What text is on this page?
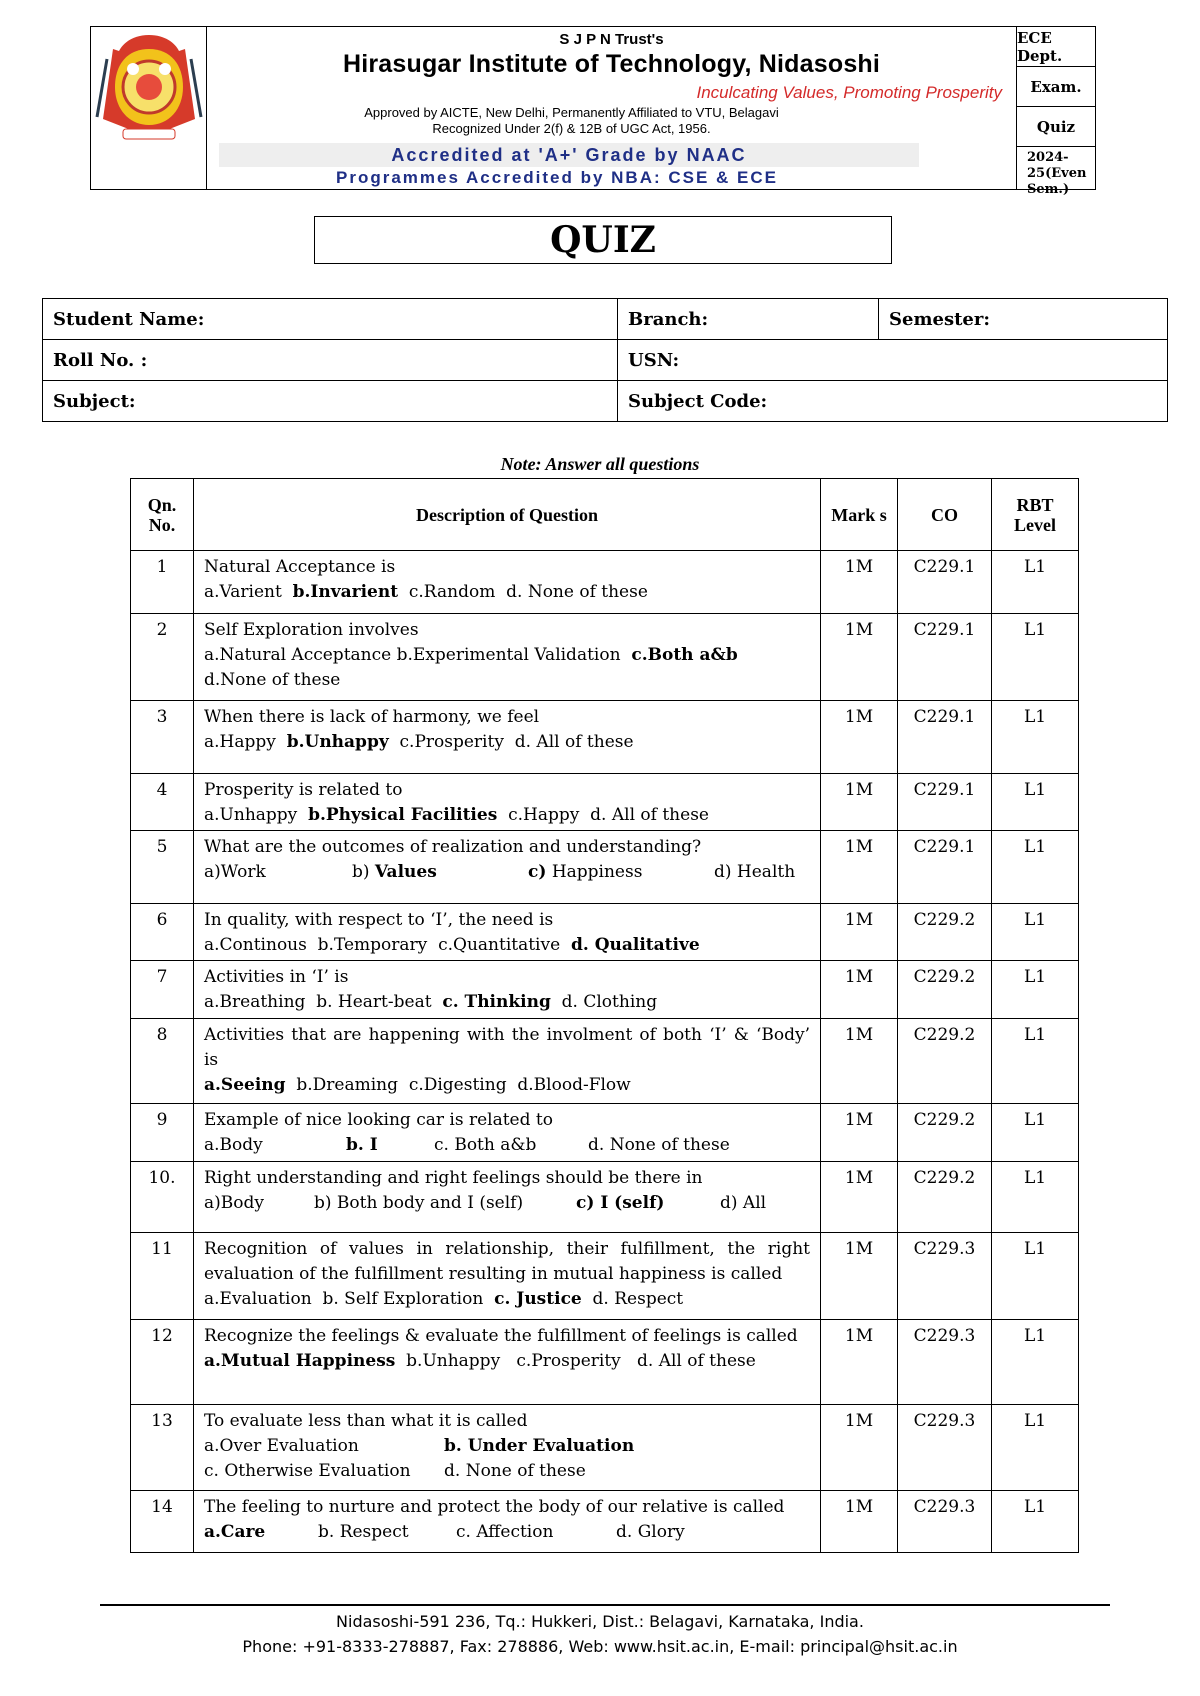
S J P N Trust's
Hirasugar Institute of Technology, Nidasoshi
Inculcating Values, Promoting Prosperity
Approved by AICTE, New Delhi, Permanently Affiliated to VTU, Belagavi
Recognized Under 2(f) & 12B of UGC Act, 1956.
Accredited at 'A+' Grade by NAAC
Programmes Accredited by NBA: CSE & ECE
ECE Dept.
Exam.
Quiz
2024-25(Even Sem.)
QUIZ
Student Name:	Branch:	Semester:
Roll No. :	USN:	
Subject:	Subject Code:	
Note: Answer all questions
Qn. No.	Description of Question	Mark s	CO	RBT Level
1	Natural Acceptance is
a.Varient b.Invarient c.Random d. None of these	1M	C229.1	L1
2	Self Exploration involves
a.Natural Acceptance b.Experimental Validation c.Both a&b
d.None of these	1M	C229.1	L1
3	When there is lack of harmony, we feel
a.Happy b.Unhappy c.Prosperity d. All of these	1M	C229.1	L1
4	Prosperity is related to
a.Unhappy b.Physical Facilities c.Happy d. All of these	1M	C229.1	L1
5	What are the outcomes of realization and understanding?
a)Work b) Values c) Happiness d) Health	1M	C229.1	L1
6	In quality, with respect to ‘I’, the need is
a.Continous b.Temporary c.Quantitative d. Qualitative	1M	C229.2	L1
7	Activities in ‘I’ is
a.Breathing b. Heart-beat c. Thinking d. Clothing	1M	C229.2	L1
8	Activities that are happening with the involment of both ‘I’ & ‘Body’ is
a.Seeing b.Dreaming c.Digesting d.Blood-Flow	1M	C229.2	L1
9	Example of nice looking car is related to
a.Body b. I c. Both a&b d. None of these	1M	C229.2	L1
10.	Right understanding and right feelings should be there in
a)Body b) Both body and I (self) c) I (self) d) All	1M	C229.2	L1
11	Recognition of values in relationship, their fulfillment, the right evaluation of the fulfillment resulting in mutual happiness is called
a.Evaluation b. Self Exploration c. Justice d. Respect	1M	C229.3	L1
12	Recognize the feelings & evaluate the fulfillment of feelings is called
a.Mutual Happiness b.Unhappy c.Prosperity d. All of these	1M	C229.3	L1
13	To evaluate less than what it is called
a.Over Evaluation b. Under Evaluation
c. Otherwise Evaluation d. None of these	1M	C229.3	L1
14	The feeling to nurture and protect the body of our relative is called
a.Care b. Respect c. Affection d. Glory	1M	C229.3	L1
Nidasoshi-591 236, Tq.: Hukkeri, Dist.: Belagavi, Karnataka, India.
Phone: +91-8333-278887, Fax: 278886, Web: www.hsit.ac.in, E-mail: principal@hsit.ac.in
